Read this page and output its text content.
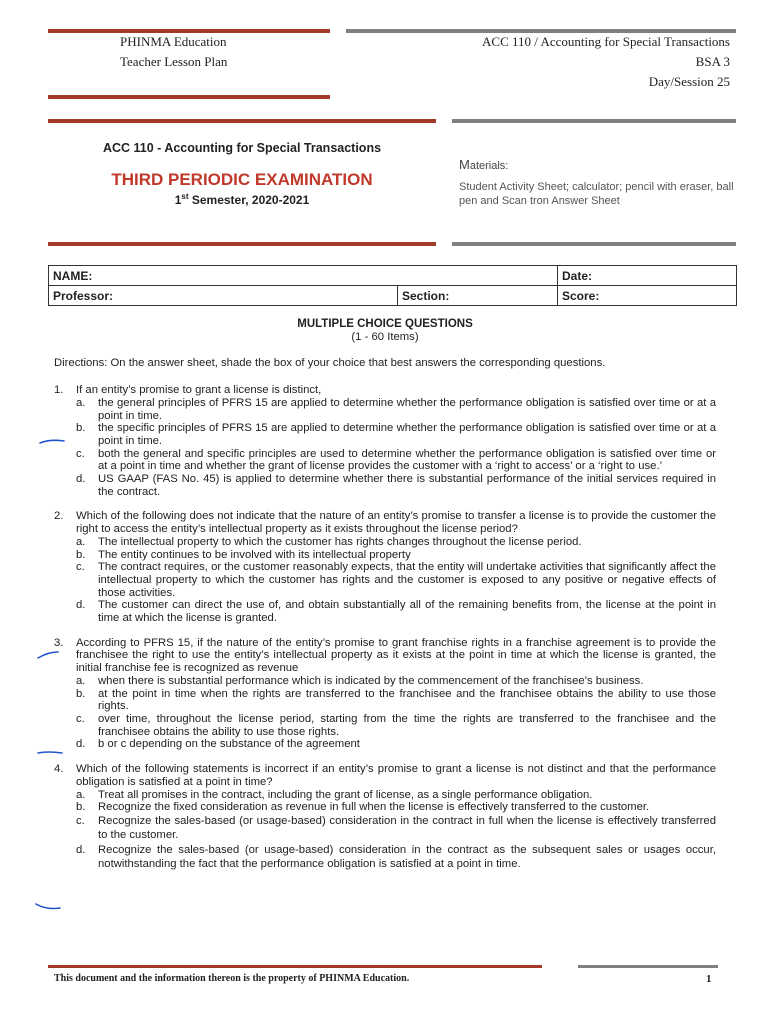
PHINMA Education
Teacher Lesson Plan
ACC 110 / Accounting for Special Transactions
BSA 3
Day/Session 25
ACC 110 - Accounting for Special Transactions
THIRD PERIODIC EXAMINATION
1st Semester, 2020-2021
Materials:
Student Activity Sheet; calculator; pencil with eraser, ball pen and Scan tron Answer Sheet
NAME:		Date:
Professor:	Section:	Score:
MULTIPLE CHOICE QUESTIONS
(1 - 60 Items)
Directions: On the answer sheet, shade the box of your choice that best answers the corresponding questions.
1.	If an entity’s promise to grant a license is distinct,
a.	the general principles of PFRS 15 are applied to determine whether the performance obligation is satisfied over time or at a point in time.
b.	the specific principles of PFRS 15 are applied to determine whether the performance obligation is satisfied over time or at a point in time.
c.	both the general and specific principles are used to determine whether the performance obligation is satisfied over time or at a point in time and whether the grant of license provides the customer with a ‘right to access’ or a ‘right to use.’
d.	US GAAP (FAS No. 45) is applied to determine whether there is substantial performance of the initial services required in the contract.
2.	Which of the following does not indicate that the nature of an entity’s promise to transfer a license is to provide the customer the right to access the entity’s intellectual property as it exists throughout the license period?
a.	The intellectual property to which the customer has rights changes throughout the license period.
b.	The entity continues to be involved with its intellectual property
c.	The contract requires, or the customer reasonably expects, that the entity will undertake activities that significantly affect the intellectual property to which the customer has rights and the customer is exposed to any positive or negative effects of those activities.
d.	The customer can direct the use of, and obtain substantially all of the remaining benefits from, the license at the point in time at which the license is granted.
3.	According to PFRS 15, if the nature of the entity’s promise to grant franchise rights in a franchise agreement is to provide the franchisee the right to use the entity’s intellectual property as it exists at the point in time at which the license is granted, the initial franchise fee is recognized as revenue
a.	when there is substantial performance which is indicated by the commencement of the franchisee’s business.
b.	at the point in time when the rights are transferred to the franchisee and the franchisee obtains the ability to use those rights.
c.	over time, throughout the license period, starting from the time the rights are transferred to the franchisee and the franchisee obtains the ability to use those rights.
d.	b or c depending on the substance of the agreement
4.	Which of the following statements is incorrect if an entity’s promise to grant a license is not distinct and that the performance obligation is satisfied at a point in time?
a.	Treat all promises in the contract, including the grant of license, as a single performance obligation.
b.	Recognize the fixed consideration as revenue in full when the license is effectively transferred to the customer.
c.	Recognize the sales-based (or usage-based) consideration in the contract in full when the license is effectively transferred to the customer.
d.	Recognize the sales-based (or usage-based) consideration in the contract as the subsequent sales or usages occur, notwithstanding the fact that the performance obligation is satisfied at a point in time.
This document and the information thereon is the property of PHINMA Education.	1
